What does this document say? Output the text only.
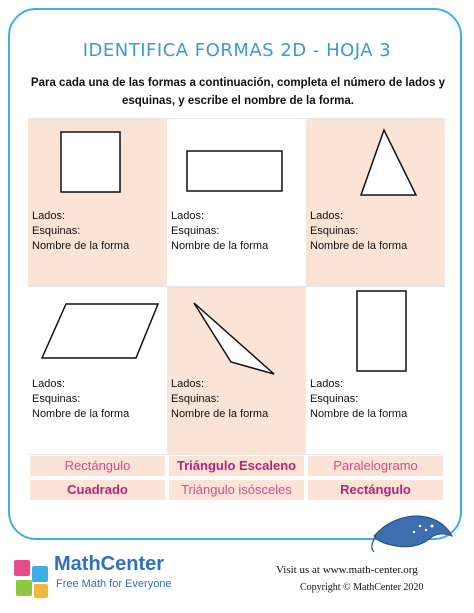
IDENTIFICA FORMAS 2D - HOJA 3
Para cada una de las formas a continuación, completa el número de lados y esquinas, y escribe el nombre de la forma.
Lados:
Esquinas:
Nombre de la forma
Lados:
Esquinas:
Nombre de la forma
Lados:
Esquinas:
Nombre de la forma
Lados:
Esquinas:
Nombre de la forma
Lados:
Esquinas:
Nombre de la forma
Lados:
Esquinas:
Nombre de la forma
Rectángulo	Triángulo Escaleno	Paralelogramo
Cuadrado	Triángulo isósceles	Rectángulo
MathCenter
Free Math for Everyone
Visit us at www.math-center.org
Copyright © MathCenter 2020
